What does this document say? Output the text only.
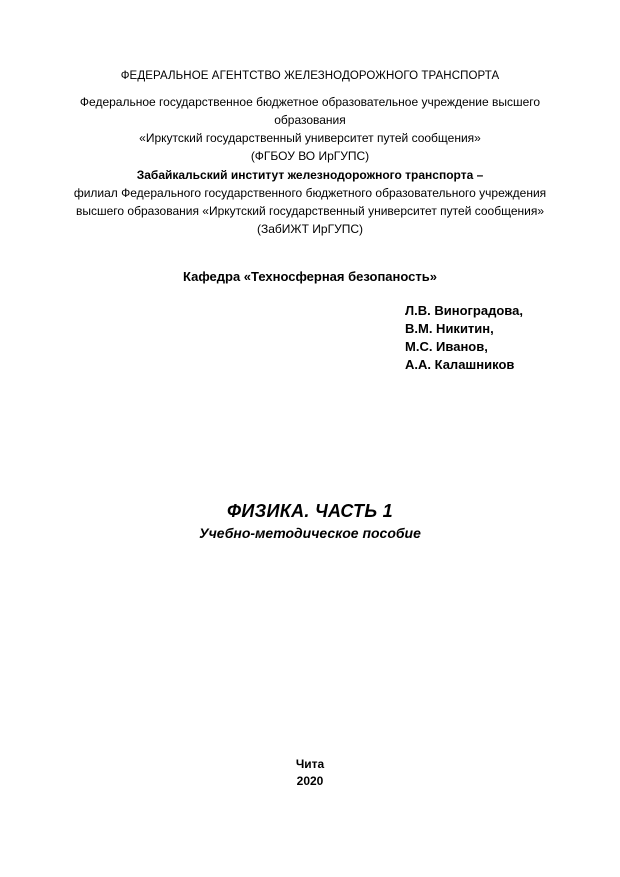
ФЕДЕРАЛЬНОЕ АГЕНТСТВО ЖЕЛЕЗНОДОРОЖНОГО ТРАНСПОРТА
Федеральное государственное бюджетное образовательное учреждение высшего
образования
«Иркутский государственный университет путей сообщения»
(ФГБОУ ВО ИрГУПС)
Забайкальский институт железнодорожного транспорта –
филиал Федерального государственного бюджетного образовательного учреждения
высшего образования «Иркутский государственный университет путей сообщения»
(ЗабИЖТ ИрГУПС)
Кафедра «Техносферная безопаность»
Л.В. Виноградова,
В.М. Никитин,
М.С. Иванов,
А.А. Калашников
ФИЗИКА. ЧАСТЬ 1
Учебно-методическое пособие
Чита
2020
